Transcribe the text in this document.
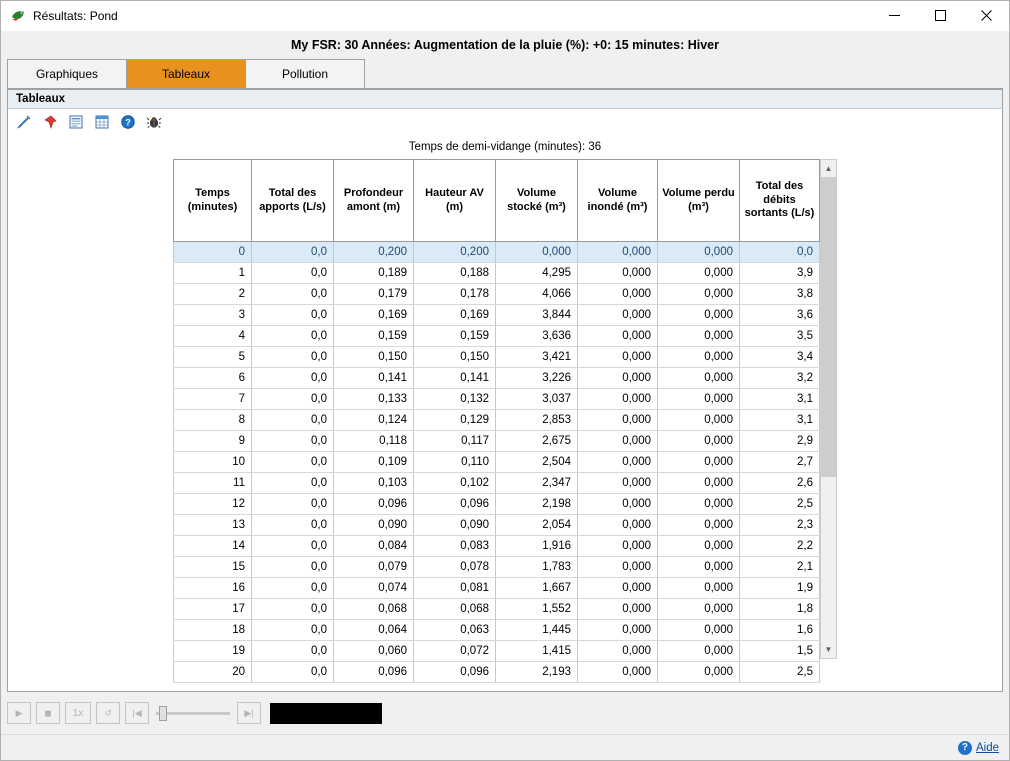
Résultats: Pond
My FSR: 30 Années: Augmentation de la pluie (%): +0: 15 minutes: Hiver
Graphiques	Tableaux	Pollution
Tableaux
?
Temps de demi-vidange (minutes): 36
Temps (minutes)	Total des apports (L/s)	Profondeur amont (m)	Hauteur AV (m)	Volume stocké (m³)	Volume inondé (m³)	Volume perdu (m³)	Total des débits sortants (L/s)
0	0,0	0,200	0,200	0,000	0,000	0,000	0,0
1	0,0	0,189	0,188	4,295	0,000	0,000	3,9
2	0,0	0,179	0,178	4,066	0,000	0,000	3,8
3	0,0	0,169	0,169	3,844	0,000	0,000	3,6
4	0,0	0,159	0,159	3,636	0,000	0,000	3,5
5	0,0	0,150	0,150	3,421	0,000	0,000	3,4
6	0,0	0,141	0,141	3,226	0,000	0,000	3,2
7	0,0	0,133	0,132	3,037	0,000	0,000	3,1
8	0,0	0,124	0,129	2,853	0,000	0,000	3,1
9	0,0	0,118	0,117	2,675	0,000	0,000	2,9
10	0,0	0,109	0,110	2,504	0,000	0,000	2,7
11	0,0	0,103	0,102	2,347	0,000	0,000	2,6
12	0,0	0,096	0,096	2,198	0,000	0,000	2,5
13	0,0	0,090	0,090	2,054	0,000	0,000	2,3
14	0,0	0,084	0,083	1,916	0,000	0,000	2,2
15	0,0	0,079	0,078	1,783	0,000	0,000	2,1
16	0,0	0,074	0,081	1,667	0,000	0,000	1,9
17	0,0	0,068	0,068	1,552	0,000	0,000	1,8
18	0,0	0,064	0,063	1,445	0,000	0,000	1,6
19	0,0	0,060	0,072	1,415	0,000	0,000	1,5
20	0,0	0,096	0,096	2,193	0,000	0,000	2,5
▲
▼
▶	◼	1x	↺	|◀	▶|
? Aide
